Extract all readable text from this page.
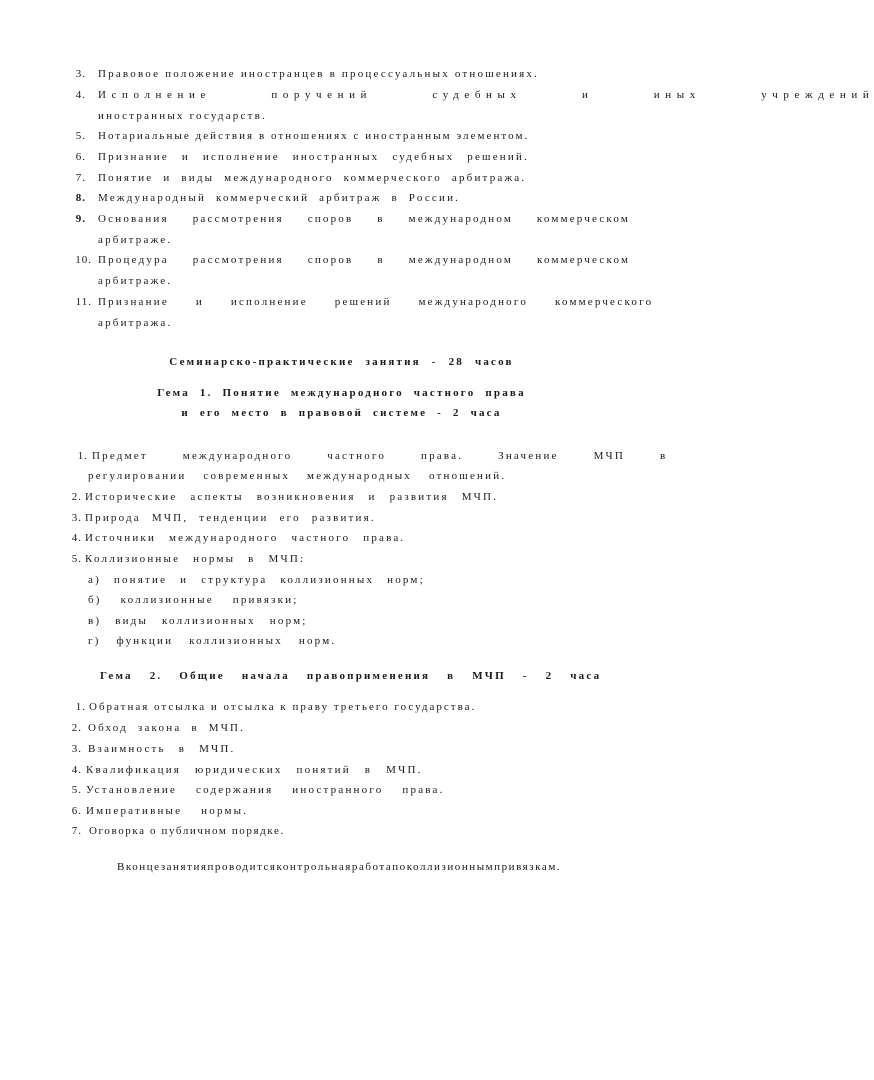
3. Правовое положение иностранцев в процессуальных отношениях.
4. Исполнение поручений судебных и иных учреждений
иностранных государств.
5. Нотариальные действия в отношениях с иностранным элементом.
6. Признание и исполнение иностранных судебных решений.
7. Понятие и виды международного коммерческого арбитража.
8. Международный коммерческий арбитраж в России.
9. Основания рассмотрения споров в международном коммерческом
арбитраже.
10. Процедура рассмотрения споров в международном коммерческом
арбитраже.
11. Признание и исполнение решений международного коммерческого
арбитража.
Семинарско-практические занятия - 28 часов
Гема 1. Понятие международного частного права
и его место в правовой системе - 2 часа
1. Предмет международного частного права. Значение МЧП в
регулировании современных международных отношений.
2. Исторические аспекты возникновения и развития МЧП.
3. Природа МЧП, тенденции его развития.
4. Источники международного частного права.
5. Коллизионные нормы в МЧП:
а) понятие и структура коллизионных норм;
б) коллизионные привязки;
в) виды коллизионных норм;
г) функции коллизионных норм.
Гема 2. Общие начала правоприменения в МЧП - 2 часа
1. Обратная отсылка и отсылка к праву третьего государства.
2. Обход закона в МЧП.
3. Взаимность в МЧП.
4. Квалификация юридических понятий в МЧП.
5. Установление содержания иностранного права.
6. Императивные нормы.
7. Оговорка о публичном порядке.
Вконцезанятияпроводитсяконтрольнаяработапоколлизионнымпривязкам.
